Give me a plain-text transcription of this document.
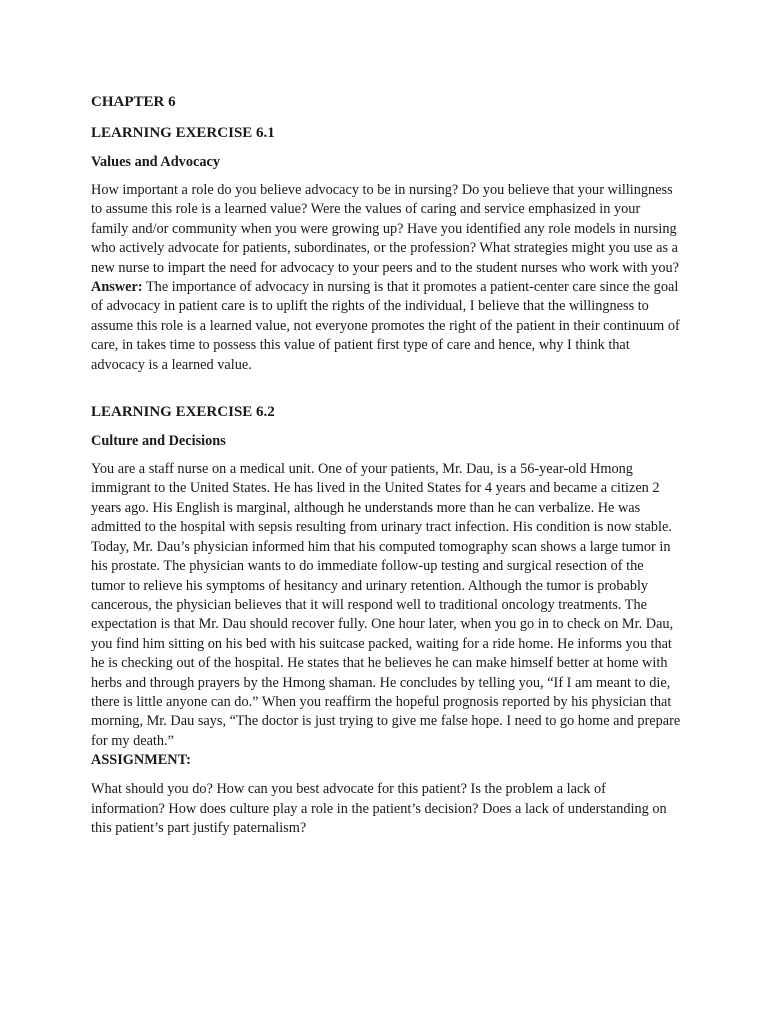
CHAPTER 6
LEARNING EXERCISE 6.1
Values and Advocacy

How important a role do you believe advocacy to be in nursing? Do you believe that your willingness to assume this role is a learned value? Were the values of caring and service emphasized in your family and/or community when you were growing up? Have you identified any role models in nursing who actively advocate for patients, subordinates, or the profession? What strategies might you use as a new nurse to impart the need for advocacy to your peers and to the student nurses who work with you?

Answer: The importance of advocacy in nursing is that it promotes a patient-center care since the goal of advocacy in patient care is to uplift the rights of the individual, I believe that the willingness to assume this role is a learned value, not everyone promotes the right of the patient in their continuum of care, in takes time to possess this value of patient first type of care and hence, why I think that advocacy is a learned value.

LEARNING EXERCISE 6.2
Culture and Decisions

You are a staff nurse on a medical unit. One of your patients, Mr. Dau, is a 56-year-old Hmong immigrant to the United States. He has lived in the United States for 4 years and became a citizen 2 years ago. His English is marginal, although he understands more than he can verbalize. He was admitted to the hospital with sepsis resulting from urinary tract infection. His condition is now stable. Today, Mr. Dau’s physician informed him that his computed tomography scan shows a large tumor in his prostate. The physician wants to do immediate follow-up testing and surgical resection of the tumor to relieve his symptoms of hesitancy and urinary retention. Although the tumor is probably cancerous, the physician believes that it will respond well to traditional oncology treatments. The expectation is that Mr. Dau should recover fully. One hour later, when you go in to check on Mr. Dau, you find him sitting on his bed with his suitcase packed, waiting for a ride home. He informs you that he is checking out of the hospital. He states that he believes he can make himself better at home with herbs and through prayers by the Hmong shaman. He concludes by telling you, “If I am meant to die, there is little anyone can do.” When you reaffirm the hopeful prognosis reported by his physician that morning, Mr. Dau says, “The doctor is just trying to give me false hope. I need to go home and prepare for my death.”

ASSIGNMENT:

What should you do? How can you best advocate for this patient? Is the problem a lack of information? How does culture play a role in the patient’s decision? Does a lack of understanding on this patient’s part justify paternalism?
